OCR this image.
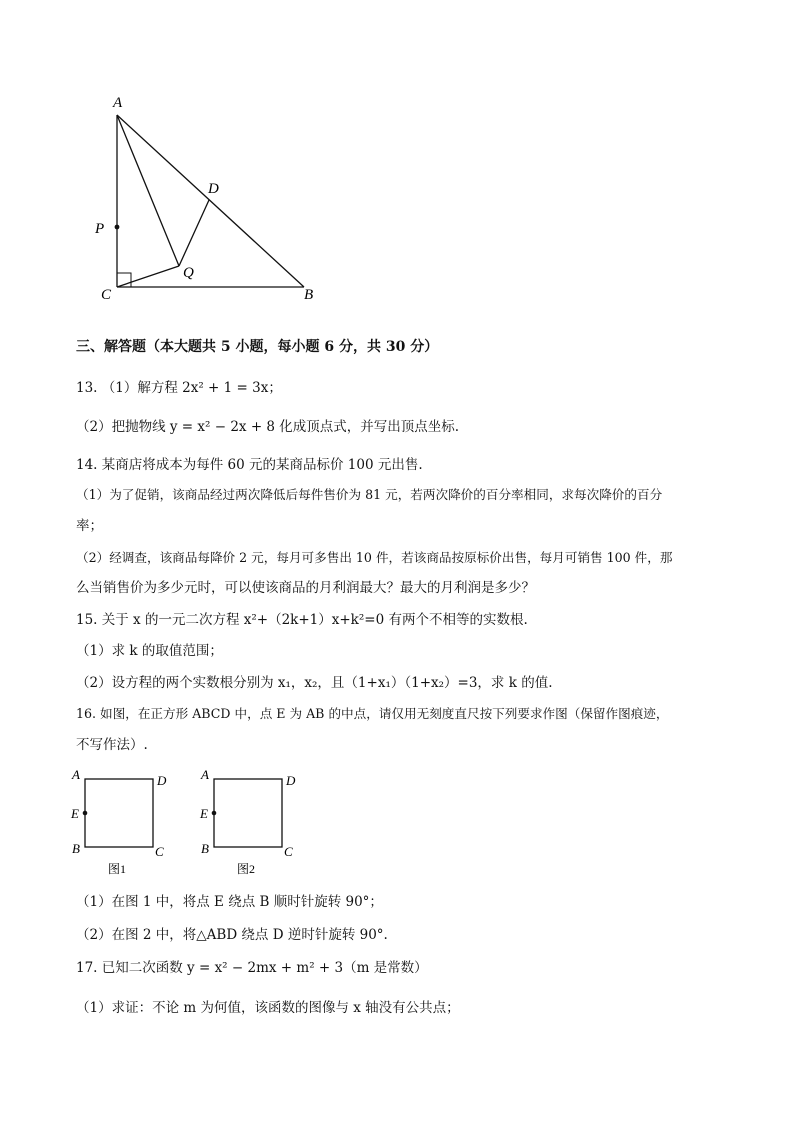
A
D
P
Q
C	B
三、解答题（本大题共 5 小题，每小题 6 分，共 30 分）
13. （1）解方程 2x² + 1 = 3x；
（2）把抛物线 y = x² − 2x + 8 化成顶点式，并写出顶点坐标.
14. 某商店将成本为每件 60 元的某商品标价 100 元出售.
（1）为了促销，该商品经过两次降低后每件售价为 81 元，若两次降价的百分率相同，求每次降价的百分
率；
（2）经调查，该商品每降价 2 元，每月可多售出 10 件，若该商品按原标价出售，每月可销售 100 件，那
么当销售价为多少元时，可以使该商品的月利润最大？最大的月利润是多少？
15. 关于 x 的一元二次方程 x²+（2k+1）x+k²=0 有两个不相等的实数根.
（1）求 k 的取值范围；
（2）设方程的两个实数根分别为 x₁，x₂，且（1+x₁）（1+x₂）=3，求 k 的值.
16. 如图，在正方形 ABCD 中，点 E 为 AB 的中点，请仅用无刻度直尺按下列要求作图（保留作图痕迹，
不写作法）.
A	D
E
B	C
图1
A	D
E
B	C
图2
（1）在图 1 中，将点 E 绕点 B 顺时针旋转 90°；
（2）在图 2 中，将△ABD 绕点 D 逆时针旋转 90°.
17. 已知二次函数 y = x² − 2mx + m² + 3（m 是常数）
（1）求证：不论 m 为何值，该函数的图像与 x 轴没有公共点；
